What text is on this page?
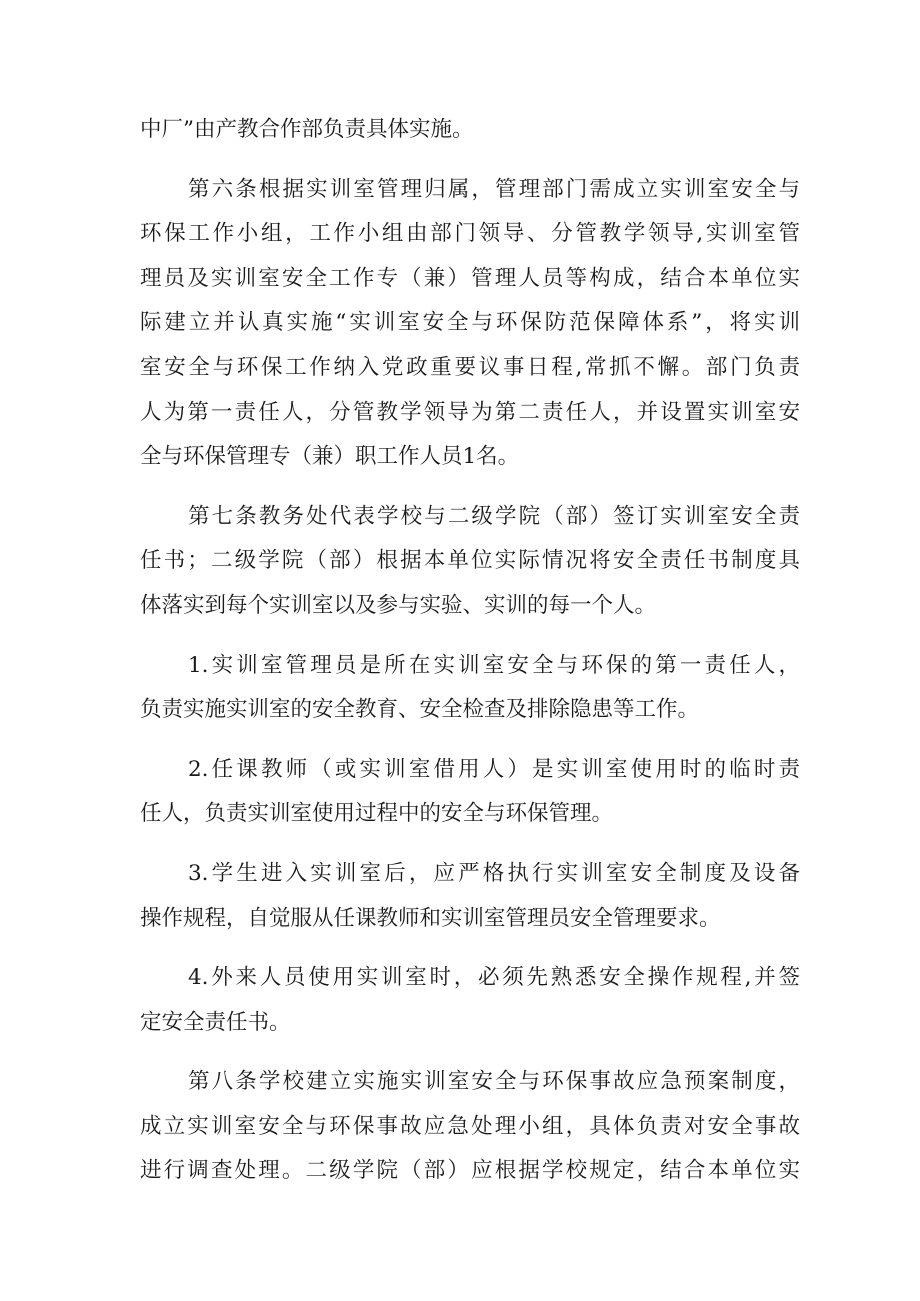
中厂”由产教合作部负责具体实施。
第六条根据实训室管理归属，管理部门需成立实训室安全与
环保工作小组，工作小组由部门领导、分管教学领导,实训室管
理员及实训室安全工作专（兼）管理人员等构成，结合本单位实
际建立并认真实施“实训室安全与环保防范保障体系”，将实训
室安全与环保工作纳入党政重要议事日程,常抓不懈。部门负责
人为第一责任人，分管教学领导为第二责任人，并设置实训室安
全与环保管理专（兼）职工作人员1名。
第七条教务处代表学校与二级学院（部）签订实训室安全责
任书；二级学院（部）根据本单位实际情况将安全责任书制度具
体落实到每个实训室以及参与实验、实训的每一个人。
1.实训室管理员是所在实训室安全与环保的第一责任人，
负责实施实训室的安全教育、安全检查及排除隐患等工作。
2.任课教师（或实训室借用人）是实训室使用时的临时责
任人，负责实训室使用过程中的安全与环保管理。
3.学生进入实训室后，应严格执行实训室安全制度及设备
操作规程，自觉服从任课教师和实训室管理员安全管理要求。
4.外来人员使用实训室时，必须先熟悉安全操作规程,并签
定安全责任书。
第八条学校建立实施实训室安全与环保事故应急预案制度，
成立实训室安全与环保事故应急处理小组，具体负责对安全事故
进行调查处理。二级学院（部）应根据学校规定，结合本单位实
